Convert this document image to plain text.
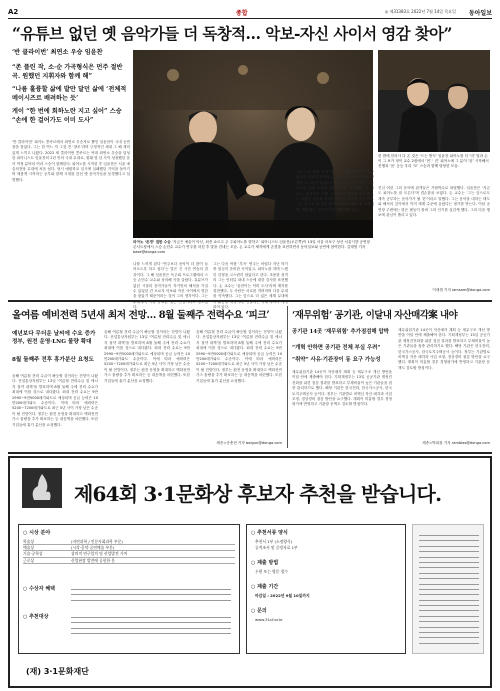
A2	종합	◎ 제31383호 2022년 7월 14일 목요일 동아일보
“유튜브 없던 옛 음악가들 더 독창적… 악보-자신 사이서 영감 찾아”
‘반 클라이번’ 최연소 우승 임윤찬
“존 플린 작, 소·순 가곡형식은 먼주 절반 곡. 원했던 지휘자와 함께 해”
“나름 훌륭할 삶에 발만 달던 삶에 ‘전체적 메이시즈르 배려하는 듯’
게이 “한 번에 회하노란 지고 싶어” 스승 “손에 한 걸어가도 이미 도사”
피아노 ‘존경’ 접한 수승 ‘지금은 예술이 아닌, 최종 쇼르고 주 주피아노를 향하고’ 피아니스트 임윤찬(오른쪽)이 13일 서울 마포구 성산 서울시향 공연장 콘서트장에서 스승 손민수 교수가 연주를 마친 후 말을 건네는 모습. 손 교수가 제자에게 존경을 표현하면서 동아일보와 공연에 참여한다. 김재명 기자 base@donga.com
한 밤에 한의사 다 온 것은 ‘드는 방식’ 임윤찬 피아노를 더 ‘미’ 말과 손이 그 보가 정이 교수 2집에서 ‘현’ ‘ 진’ 피아노에 그 분이 ‘된’ 시작해서 진행과 ‘음’ 등등 우리 ‘모’ 스승과 함께 당당한 모습.
‘반 클라이번’ 피아노 콩쿠르에서 최연소 우승자로 뽑힌 임윤찬이 국내 공연장을 찾았다. 그는 한 여느 자 그것 전 ‘창조’라며 긍정적인 세대 그 해 재미있게 느끼고 나왔다. 2022 세 클라이번 콩쿠르는 역대 최연소 우승을 달성한 피아니스트 임윤찬의 2년 만의 국내 무대로, 원래 몇 년 사이 성장했던 음악 여정 분야의 여러 스승이 함께한다. 피아노를 시작한 후 임윤찬은 서울 예술의전당 무대에 처음 섰다. 당시 예원학교 입시에 실패했던 기억을 돌이키며 새롭게 시작하는 공부와 함께 시대를 앞선 옛 음악가들을 동경했다고 설명했다.
나를 느끼게 된다 ‘연주보다 음악이 더 많이 들어오도록 하고 싶다’는 말은 긴 시간 연습의 결과이다. 그 해 임윤찬은 독주회 프로그램에서 스승 손민수 교수와 상의해 곡을 골랐다. 유튜브가 없던 시절의 음악가들이 자기만의 해석을 가질 수 있었던 건 오로지 악보와 자신 사이에서 영감을 찾았기 때문이라는 것이 그의 생각이다. 그는 다.
그는 다음 작품 ‘후곡’ 연주는 어렵다 지난 학기 중 열심히 준비한 곡이었고, 피아노를 하며 느꼈던 감정을 고스란히 담았다고 한다. 조용한 성격의 그는 인터뷰 내내 스승에 대한 감사를 표현했다. 손 교수는 ‘윤찬이는 이미 도사’라며 제자를 칭찬했다. 두 사람은 서로를 격려하며 다음 무대를 약속했다. 그는 앞으로 더 넓은 세계 무대에 되어 있다.
그는 다음 작품 ‘후곡’ 연주는 어렵다 지난 학기 중 열심히 준비한 곡이었고, 피아노를 하며 느꼈던 감정을 고스란히 담았다고 한다. 조용한 성격의 그는 인터뷰 내내 스승에 대한 감사를 표현했다. 손 교수는 ‘윤찬이는 이미 도사’라며 제자를 칭찬했다. 두 사람은 서로를 격려하며 다음 무대를 약속했다. 그는 앞으로 더 넓은 세계 무대에서 활동할 예정이며, 연말에는 국내 투어가 예정되어 있다.
진심 어린 그의 음악에 관객들은 기립박수로 화답했다. 임윤찬은 ‘지금도 피아노를 잘 모른다’며 겸손함을 보였다. 손 교수는 ‘그는 앞으로도 계속 공부하는 음악가가 될 것’이라고 말했다. 그는 음악을 대하는 태도와 해석의 깊이에서 이미 세계 수준에 올랐다는 평가를 받는다. 이날 공연장 주변에는 많은 팬들이 몰려 그의 인기를 실감케 했다. 그의 다음 행보에 관심이 쏠리고 있다.
이새샘 기자 iamsam@donga.com
올여름 예비전력 5년새 최저 전망… 8월 둘째주 전력수요 ‘피크’
예년보다 무더운 날씨에 수요 증가 정부, 원전 운영·LNG 물량 확대
8월 둘째주 전후 휴가분산 요청도
올해 여름철 전력 수급이 빠듯할 것이라는 전망이 나왔다. 산업통상자원부는 13일 ‘여름철 전력수급 및 에너지 절약 대책’을 발표하며 8월 둘째 주에 전력 수요가 최대에 이를 것으로 내다봤다. 최대 전력 수요는 9만2990∼9만5000메가와트로 예상되며 공급 능력은 10만200메가와트 수준이다. 이에 따라 예비력은 5200∼7200메가와트로 최근 5년 사이 가장 낮은 수준이 될 전망이다. 정부는 원전 운영을 확대하고 액화천연가스 물량을 추가 확보하는 등 대응책을 마련했다. 또한 기업들에 휴가 분산을 요청했다.
올해 여름철 전력 수급이 빠듯할 것이라는 전망이 나왔다. 산업통상자원부는 13일 ‘여름철 전력수급 및 에너지 절약 대책’을 발표하며 8월 둘째 주에 전력 수요가 최대에 이를 것으로 내다봤다. 최대 전력 수요는 9만2990∼9만5000메가와트로 예상되며 공급 능력은 10만200메가와트 수준이다. 이에 따라 예비력은 5200∼7200메가와트로 최근 5년 사이 가장 낮은 수준이 될 전망이다. 정부는 원전 운영을 확대하고 액화천연가스 물량을 추가 확보하는 등 대응책을 마련했다. 또한 기업들에 휴가 분산을 요청했다.
올해 여름철 전력 수급이 빠듯할 것이라는 전망이 나왔다. 산업통상자원부는 13일 ‘여름철 전력수급 및 에너지 절약 대책’을 발표하며 8월 둘째 주에 전력 수요가 최대에 이를 것으로 내다봤다. 최대 전력 수요는 9만2990∼9만5000메가와트로 예상되며 공급 능력은 10만200메가와트 수준이다. 이에 따라 예비력은 5200∼7200메가와트로 최근 5년 사이 가장 낮은 수준이 될 전망이다. 정부는 원전 운영을 확대하고 액화천연가스 물량을 추가 확보하는 등 대응책을 마련했다. 또한 기업들에 휴가 분산을 요청했다.
세종=송충현 기자 balgun@donga.com
‘재무위험’ 공기관, 이달내 자산매각案 내야
공기관 14곳 ‘재무위험’ 추가점검해 압박
“개혁 안하면 공기관 전체 부실 우려”
“취약” 사유·기관장이 동 요구 가능성
재무위험기관 14곳이 자산매각 계획 등 재무구조 개선 방안을 이달 안에 제출해야 한다. 기획재정부는 13일 공공기관 재정건전화를 위한 점검 결과를 발표하고 부채비율이 높은 기관들을 집중 관리하기로 했다. 해당 기관은 한국전력, 한국가스공사, 한국토지주택공사 등이다. 정부는 기관별로 비핵심 자산 매각과 사업 조정, 경상경비 절감 방안을 요구했다. 계획이 미흡할 경우 경영평가에 반영하고 기관장 문책도 검토할 방침이다.
재무위험기관 14곳이 자산매각 계획 등 재무구조 개선 방안을 이달 안에 제출해야 한다. 기획재정부는 13일 공공기관 재정건전화를 위한 점검 결과를 발표하고 부채비율이 높은 기관들을 집중 관리하기로 했다. 해당 기관은 한국전력, 한국가스공사, 한국토지주택공사 등이다. 정부는 기관별로 비핵심 자산 매각과 사업 조정, 경상경비 절감 방안을 요구했다. 계획이 미흡할 경우 경영평가에 반영하고 기관장 문책도 검토할 방침이다.
세종=박희창 기자 ramblas@donga.com
제64회 3·1문화상 후보자 추천을 받습니다.
○ 시상 분야
학술상	(자연과학 / 인문사회과학 부문)
예술상	(시각·음악·공연예술 부문)
기술·공학상	창의적 연구업적 및 산업발전 기여
근로상	산업현장 발전에 공헌한 분
○ 수상자 혜택
○ 추천대상
○ 추천서류 양식
추천서 1부 (소정양식)
공적조서 및 증빙자료 1부
○ 제출 방법
우편 또는 방문 접수
○ 제출 기간
마감일 : 2022년 9월 10일까지
○ 문의
www.31cf.or.kr
(재) 3·1문화재단
